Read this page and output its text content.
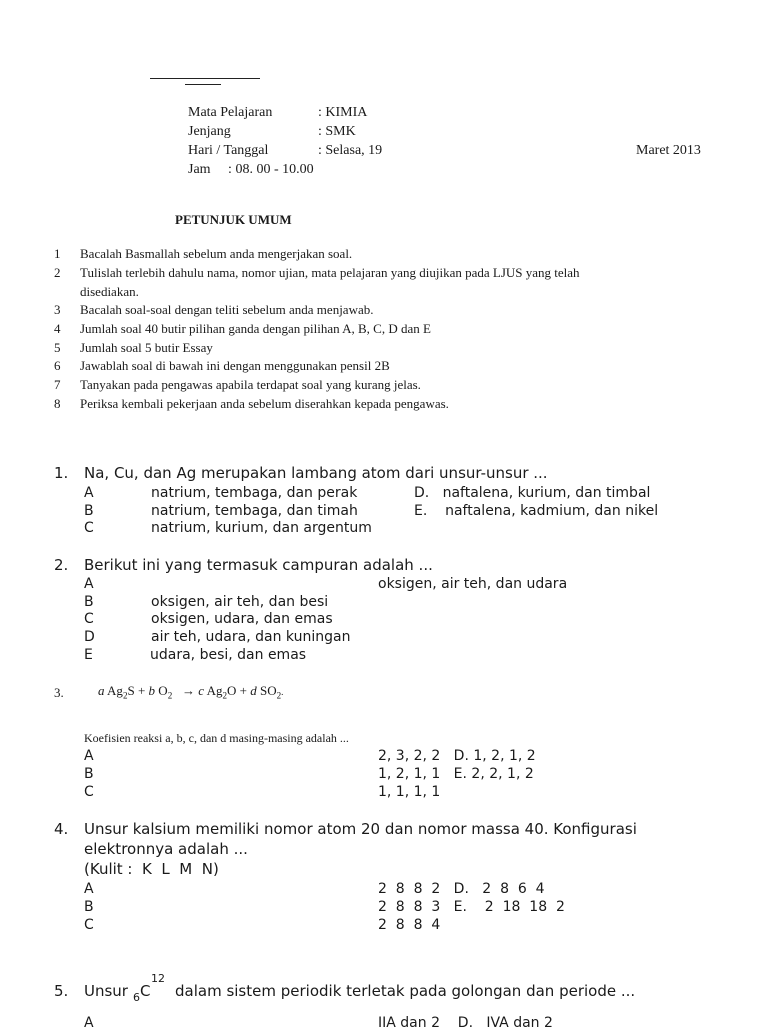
Mata Pelajaran	: KIMIA
Jenjang	: SMK
Hari / Tanggal	: Selasa, 19	Maret 2013
Jam     : 08. 00 - 10.00
PETUNJUK UMUM
1 Bacalah Basmallah sebelum anda mengerjakan soal.
2 Tulislah terlebih dahulu nama, nomor ujian, mata pelajaran yang diujikan pada LJUS yang telah
disediakan.
3 Bacalah soal-soal dengan teliti sebelum anda menjawab.
4 Jumlah soal 40 butir pilihan ganda dengan pilihan A, B, C, D dan E
5 Jumlah soal 5 butir Essay
6 Jawablah soal di bawah ini dengan menggunakan pensil 2B
7 Tanyakan pada pengawas apabila terdapat soal yang kurang jelas.
8 Periksa kembali pekerjaan anda sebelum diserahkan kepada pengawas.
1. Na, Cu, dan Ag merupakan lambang atom dari unsur-unsur ...
A	natrium, tembaga, dan perak	D.   naftalena, kurium, dan timbal
B	natrium, tembaga, dan timah	E.    naftalena, kadmium, dan nikel
C	natrium, kurium, dan argentum
2. Berikut ini yang termasuk campuran adalah ...
A	oksigen, air teh, dan udara
B	oksigen, air teh, dan besi
C	oksigen, udara, dan emas
D	air teh, udara, dan kuningan
E	udara, besi, dan emas
3.	a $Ag_2S + b$ $O_2 \to c$ $Ag_2O + d$ $SO_2$.
Koefisien reaksi a, b, c, dan d masing-masing adalah ...
A	2, 3, 2, 2   D. 1, 2, 1, 2
B	1, 2, 1, 1   E. 2, 2, 1, 2
C	1, 1, 1, 1
4. Unsur kalsium memiliki nomor atom 20 dan nomor massa 40. Konfigurasi
elektronnya adalah ...
(Kulit :  K  L  M  N)
A	2  8  8  2   D.   2  8  6  4
B	2  8  8  3   E.    2  18  18  2
C	2  8  8  4
5. Unsur 6 C
12
dalam sistem periodik terletak pada golongan dan periode ...
A	IIA dan 2    D.   IVA dan 2
